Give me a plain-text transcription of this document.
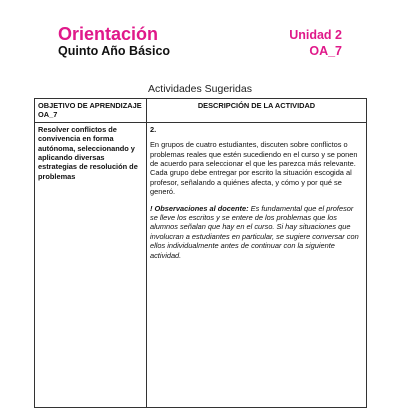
Orientación
Quinto Año Básico
Unidad 2
OA_7
Actividades Sugeridas
OBJETIVO DE APRENDIZAJE OA_7	DESCRIPCIÓN DE LA ACTIVIDAD
Resolver conflictos de convivencia en forma autónoma, seleccionando y aplicando diversas estrategias de resolución de problemas	2.
En grupos de cuatro estudiantes, discuten sobre conflictos o problemas reales que estén sucediendo en el curso y se ponen de acuerdo para seleccionar el que les parezca más relevante. Cada grupo debe entregar por escrito la situación escogida al profesor, señalando a quiénes afecta, y cómo y por qué se generó.
! Observaciones al docente: Es fundamental que el profesor se lleve los escritos y se entere de los problemas que los alumnos señalan que hay en el curso. Si hay situaciones que involucran a estudiantes en particular, se sugiere conversar con ellos individualmente antes de continuar con la siguiente actividad.
